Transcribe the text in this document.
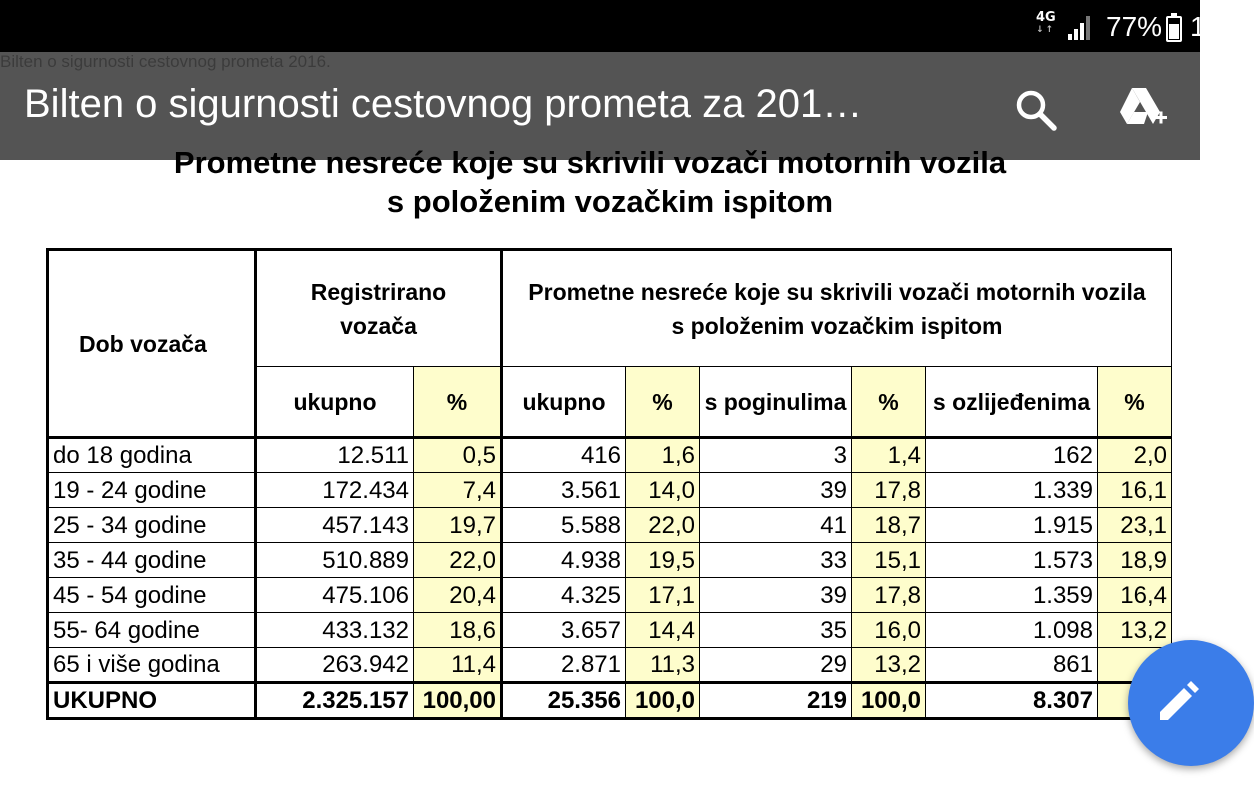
4G
↓↑ 77% 1
Bilten o sigurnosti cestovnog prometa za 201…
Prometne nesreće koje su skrivili vozači motornih vozila
s položenim vozačkim ispitom
Dob vozača	Registrirano vozača		Prometne nesreće koje su skrivili vozači motornih vozila s položenim vozačkim ispitom					
	ukupno	%	ukupno	%	s poginulima	%	s ozlijeđenima	%
do 18 godina	12.511	0,5	416	1,6	3	1,4	162	2,0
19 - 24 godine	172.434	7,4	3.561	14,0	39	17,8	1.339	16,1
25 - 34 godine	457.143	19,7	5.588	22,0	41	18,7	1.915	23,1
35 - 44 godine	510.889	22,0	4.938	19,5	33	15,1	1.573	18,9
45 - 54 godine	475.106	20,4	4.325	17,1	39	17,8	1.359	16,4
55- 64 godine	433.132	18,6	3.657	14,4	35	16,0	1.098	13,2
65 i više godina	263.942	11,4	2.871	11,3	29	13,2	861	
UKUPNO	2.325.157	100,00	25.356	100,0	219	100,0	8.307	
